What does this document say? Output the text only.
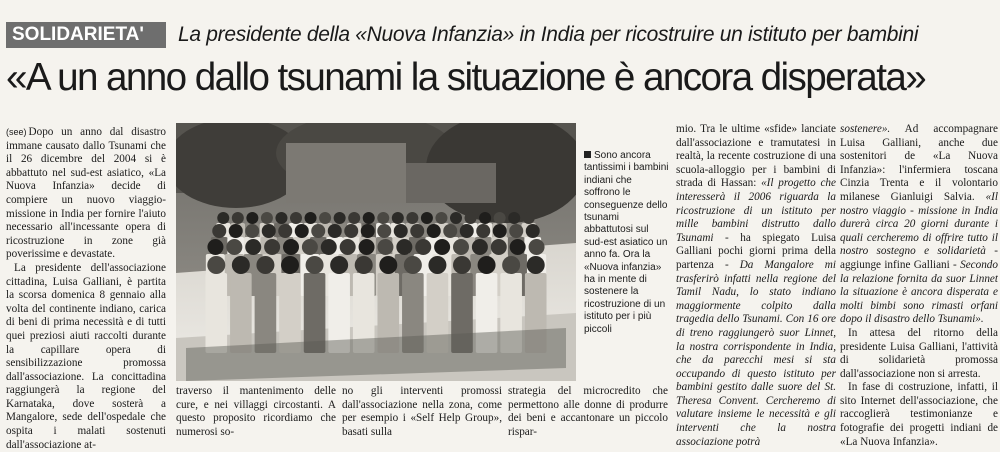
SOLIDARIETA'	La presidente della «Nuova Infanzia» in India per ricostruire un istituto per bambini
«A un anno dallo tsunami la situazione è ancora disperata»

(see) Dopo un anno dal disastro immane causato dallo Tsunami che il 26 dicembre del 2004 si è abbattuto nel sud-est asiatico, «La Nuova Infanzia» decide di compiere un nuovo viaggio-missione in India per fornire l'aiuto necessario all'incessante opera di ricostruzione in zone già poverissime e devastate.

La presidente dell'associazione cittadina, Luisa Galliani, è partita la scorsa domenica 8 gennaio alla volta del continente indiano, carica di beni di prima necessità e di tutti quei preziosi aiuti raccolti durante la capillare opera di sensibilizzazione promossa dall'associazione. La concittadina raggiungerà la regione del Karnataka, dove sosterà a Mangalore, sede dell'ospedale che ospita i malati sostenuti dall'associazione at-

Sono ancora tantissimi i bambini indiani che soffrono le conseguenze dello tsunami abbattutosi sul sud-est asiatico un anno fa. Ora la «Nuova infanzia» ha in mente di sostenere la ricostruzione di un istituto per i più piccoli
traverso il mantenimento delle cure, e nei villaggi circostanti. A questo proposito ricordiamo che numerosi so-
no gli interventi promossi dall'associazione nella zona, come per esempio i «Self Help Group», basati sulla
strategia del microcredito che permettono alle donne di produrre dei beni e accantonare un piccolo rispar-

mio. Tra le ultime «sfide» lanciate dall'associazione e tramutatesi in realtà, la recente costruzione di una scuola-alloggio per i bambini di strada di Hassan: «Il progetto che interesserà il 2006 riguarda la ricostruzione di un istituto per mille bambini distrutto dallo Tsunami - ha spiegato Luisa Galliani pochi giorni prima della partenza - Da Mangalore mi trasferirò infatti nella regione del Tamil Nadu, lo stato indiano maggiormente colpito dalla tragedia dello Tsunami. Con 16 ore di treno raggiungerò suor Linnet, la nostra corrispondente in India, che da parecchi mesi si sta occupando di questo istituto per bambini gestito dalle suore del St. Theresa Convent. Cercheremo di valutare insieme le necessità e gli interventi che la nostra associazione potrà

sostenere». Ad accompagnare Luisa Galliani, anche due sostenitori de «La Nuova Infanzia»: l'infermiera toscana Cinzia Trenta e il volontario milanese Gianluigi Salvia. «Il nostro viaggio - missione in India durerà circa 20 giorni durante i quali cercheremo di offrire tutto il nostro sostegno e solidarietà - aggiunge infine Galliani - Secondo la relazione fornita da suor Linnet la situazione è ancora disperata e molti bimbi sono rimasti orfani dopo il disastro dello Tsunami».

In attesa del ritorno della presidente Luisa Galliani, l'attività di solidarietà promossa dall'associazione non si arresta.

In fase di costruzione, infatti, il sito Internet dell'associazione, che raccoglierà testimonianze e fotografie dei progetti indiani de «La Nuova Infanzia».
